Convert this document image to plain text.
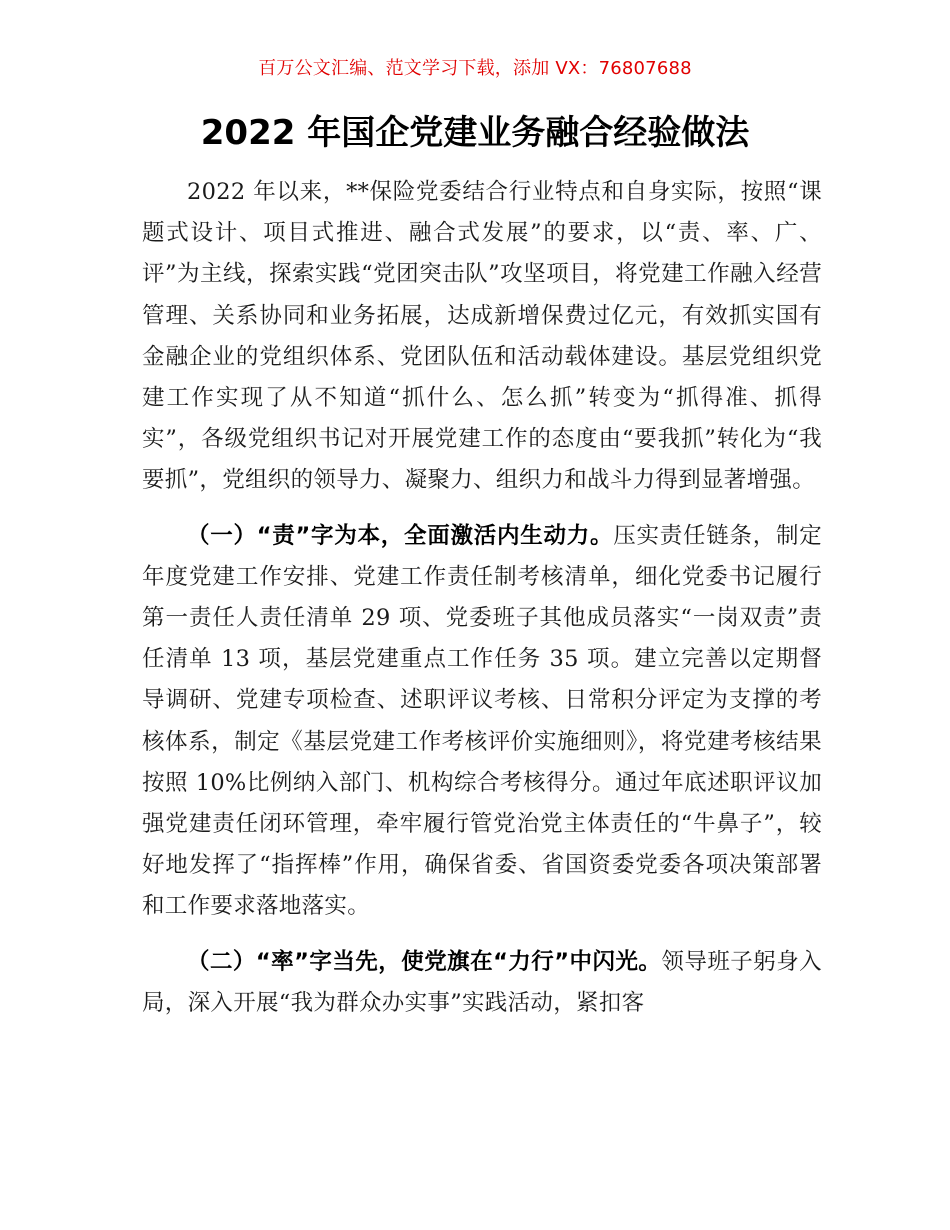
百万公文汇编、范文学习下载，添加 VX：76807688
2022 年国企党建业务融合经验做法

2022 年以来，**保险党委结合行业特点和自身实际，按照“课题式设计、项目式推进、融合式发展”的要求，以“责、率、广、评”为主线，探索实践“党团突击队”攻坚项目，将党建工作融入经营管理、关系协同和业务拓展，达成新增保费过亿元，有效抓实国有金融企业的党组织体系、党团队伍和活动载体建设。基层党组织党建工作实现了从不知道“抓什么、怎么抓”转变为“抓得准、抓得实”，各级党组织书记对开展党建工作的态度由“要我抓”转化为“我要抓”，党组织的领导力、凝聚力、组织力和战斗力得到显著增强。

（一）“责”字为本，全面激活内生动力。压实责任链条，制定年度党建工作安排、党建工作责任制考核清单，细化党委书记履行第一责任人责任清单 29 项、党委班子其他成员落实“一岗双责”责任清单 13 项，基层党建重点工作任务 35 项。建立完善以定期督导调研、党建专项检查、述职评议考核、日常积分评定为支撑的考核体系，制定《基层党建工作考核评价实施细则》，将党建考核结果按照 10%比例纳入部门、机构综合考核得分。通过年底述职评议加强党建责任闭环管理，牵牢履行管党治党主体责任的“牛鼻子”，较好地发挥了“指挥棒”作用，确保省委、省国资委党委各项决策部署和工作要求落地落实。

（二）“率”字当先，使党旗在“力行”中闪光。领导班子躬身入局，深入开展“我为群众办实事”实践活动，紧扣客
